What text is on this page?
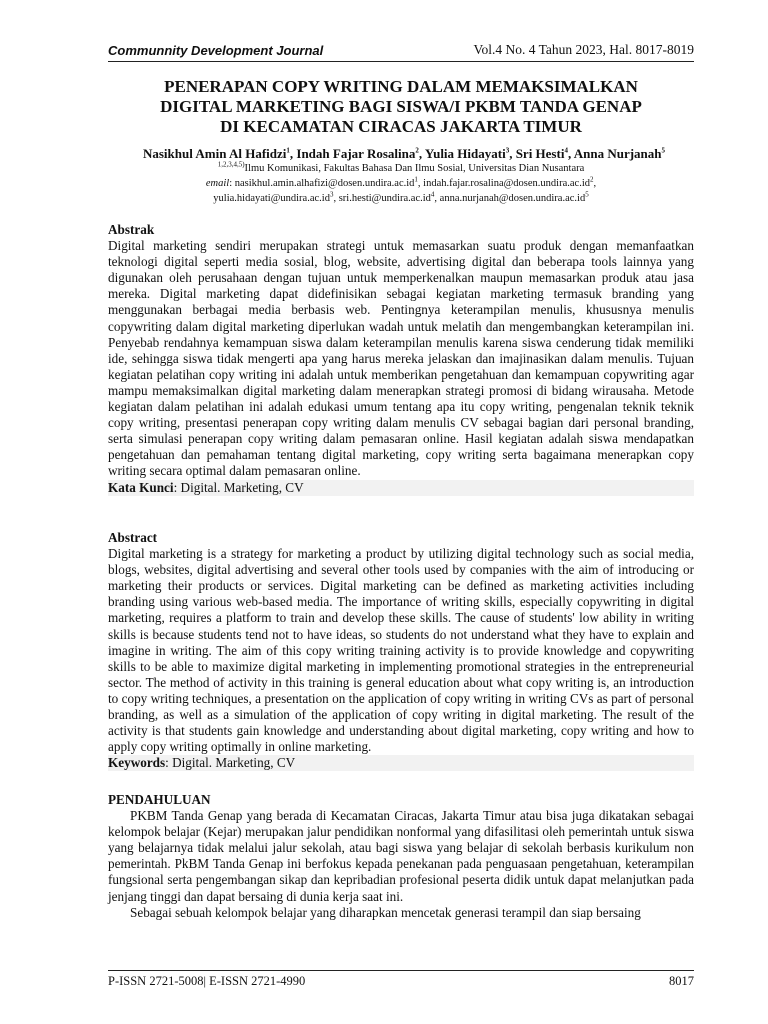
Communnity Development Journal	Vol.4 No. 4 Tahun 2023, Hal. 8017-8019
PENERAPAN COPY WRITING DALAM MEMAKSIMALKAN
DIGITAL MARKETING BAGI SISWA/I PKBM TANDA GENAP
DI KECAMATAN CIRACAS JAKARTA TIMUR
Nasikhul Amin Al Hafidzi$^1$, Indah Fajar Rosalina$^2$, Yulia Hidayati$^3$, Sri Hesti$^4$, Anna Nurjanah$^5$
$^{1,2,3,4,5)}$Ilmu Komunikasi, Fakultas Bahasa Dan Ilmu Sosial, Universitas Dian Nusantara
email: $nasikhul.amin.alhafizi@dosen.undira.ac.id^1$, $indah.fajar.rosalina@dosen.undira.ac.id^2$,
$yulia.hidayati@undira.ac.id^3$, $sri.hesti@undira.ac.id^4$, $anna.nurjanah@dosen.undira.ac.id^5$
Abstrak
Digital marketing sendiri merupakan strategi untuk memasarkan suatu produk dengan memanfaatkan teknologi digital seperti media sosial, blog, website, advertising digital dan beberapa tools lainnya yang digunakan oleh perusahaan dengan tujuan untuk memperkenalkan maupun memasarkan produk atau jasa mereka. Digital marketing dapat didefinisikan sebagai kegiatan marketing termasuk branding yang menggunakan berbagai media berbasis web. Pentingnya keterampilan menulis, khususnya menulis copywriting dalam digital marketing diperlukan wadah untuk melatih dan mengembangkan keterampilan ini. Penyebab rendahnya kemampuan siswa dalam keterampilan menulis karena siswa cenderung tidak memiliki ide, sehingga siswa tidak mengerti apa yang harus mereka jelaskan dan imajinasikan dalam menulis. Tujuan kegiatan pelatihan copy writing ini adalah untuk memberikan pengetahuan dan kemampuan copywriting agar mampu memaksimalkan digital marketing dalam menerapkan strategi promosi di bidang wirausaha. Metode kegiatan dalam pelatihan ini adalah edukasi umum tentang apa itu copy writing, pengenalan teknik teknik copy writing, presentasi penerapan copy writing dalam menulis CV sebagai bagian dari personal branding, serta simulasi penerapan copy writing dalam pemasaran online. Hasil kegiatan adalah siswa mendapatkan pengetahuan dan pemahaman tentang digital marketing, copy writing serta bagaimana menerapkan copy writing secara optimal dalam pemasaran online.
Kata Kunci: Digital. Marketing, CV
Abstract
Digital marketing is a strategy for marketing a product by utilizing digital technology such as social media, blogs, websites, digital advertising and several other tools used by companies with the aim of introducing or marketing their products or services. Digital marketing can be defined as marketing activities including branding using various web-based media. The importance of writing skills, especially copywriting in digital marketing, requires a platform to train and develop these skills. The cause of students' low ability in writing skills is because students tend not to have ideas, so students do not understand what they have to explain and imagine in writing. The aim of this copy writing training activity is to provide knowledge and copywriting skills to be able to maximize digital marketing in implementing promotional strategies in the entrepreneurial sector. The method of activity in this training is general education about what copy writing is, an introduction to copy writing techniques, a presentation on the application of copy writing in writing CVs as part of personal branding, as well as a simulation of the application of copy writing in digital marketing. The result of the activity is that students gain knowledge and understanding about digital marketing, copy writing and how to apply copy writing optimally in online marketing.
Keywords: Digital. Marketing, CV
PENDAHULUAN
PKBM Tanda Genap yang berada di Kecamatan Ciracas, Jakarta Timur atau bisa juga dikatakan sebagai kelompok belajar (Kejar) merupakan jalur pendidikan nonformal yang difasilitasi oleh pemerintah untuk siswa yang belajarnya tidak melalui jalur sekolah, atau bagi siswa yang belajar di sekolah berbasis kurikulum non pemerintah. PkBM Tanda Genap ini berfokus kepada penekanan pada penguasaan pengetahuan, keterampilan fungsional serta pengembangan sikap dan kepribadian profesional peserta didik untuk dapat melanjutkan pada jenjang tinggi dan dapat bersaing di dunia kerja saat ini.
Sebagai sebuah kelompok belajar yang diharapkan mencetak generasi terampil dan siap bersaing
P-ISSN 2721-5008| E-ISSN 2721-4990	8017
